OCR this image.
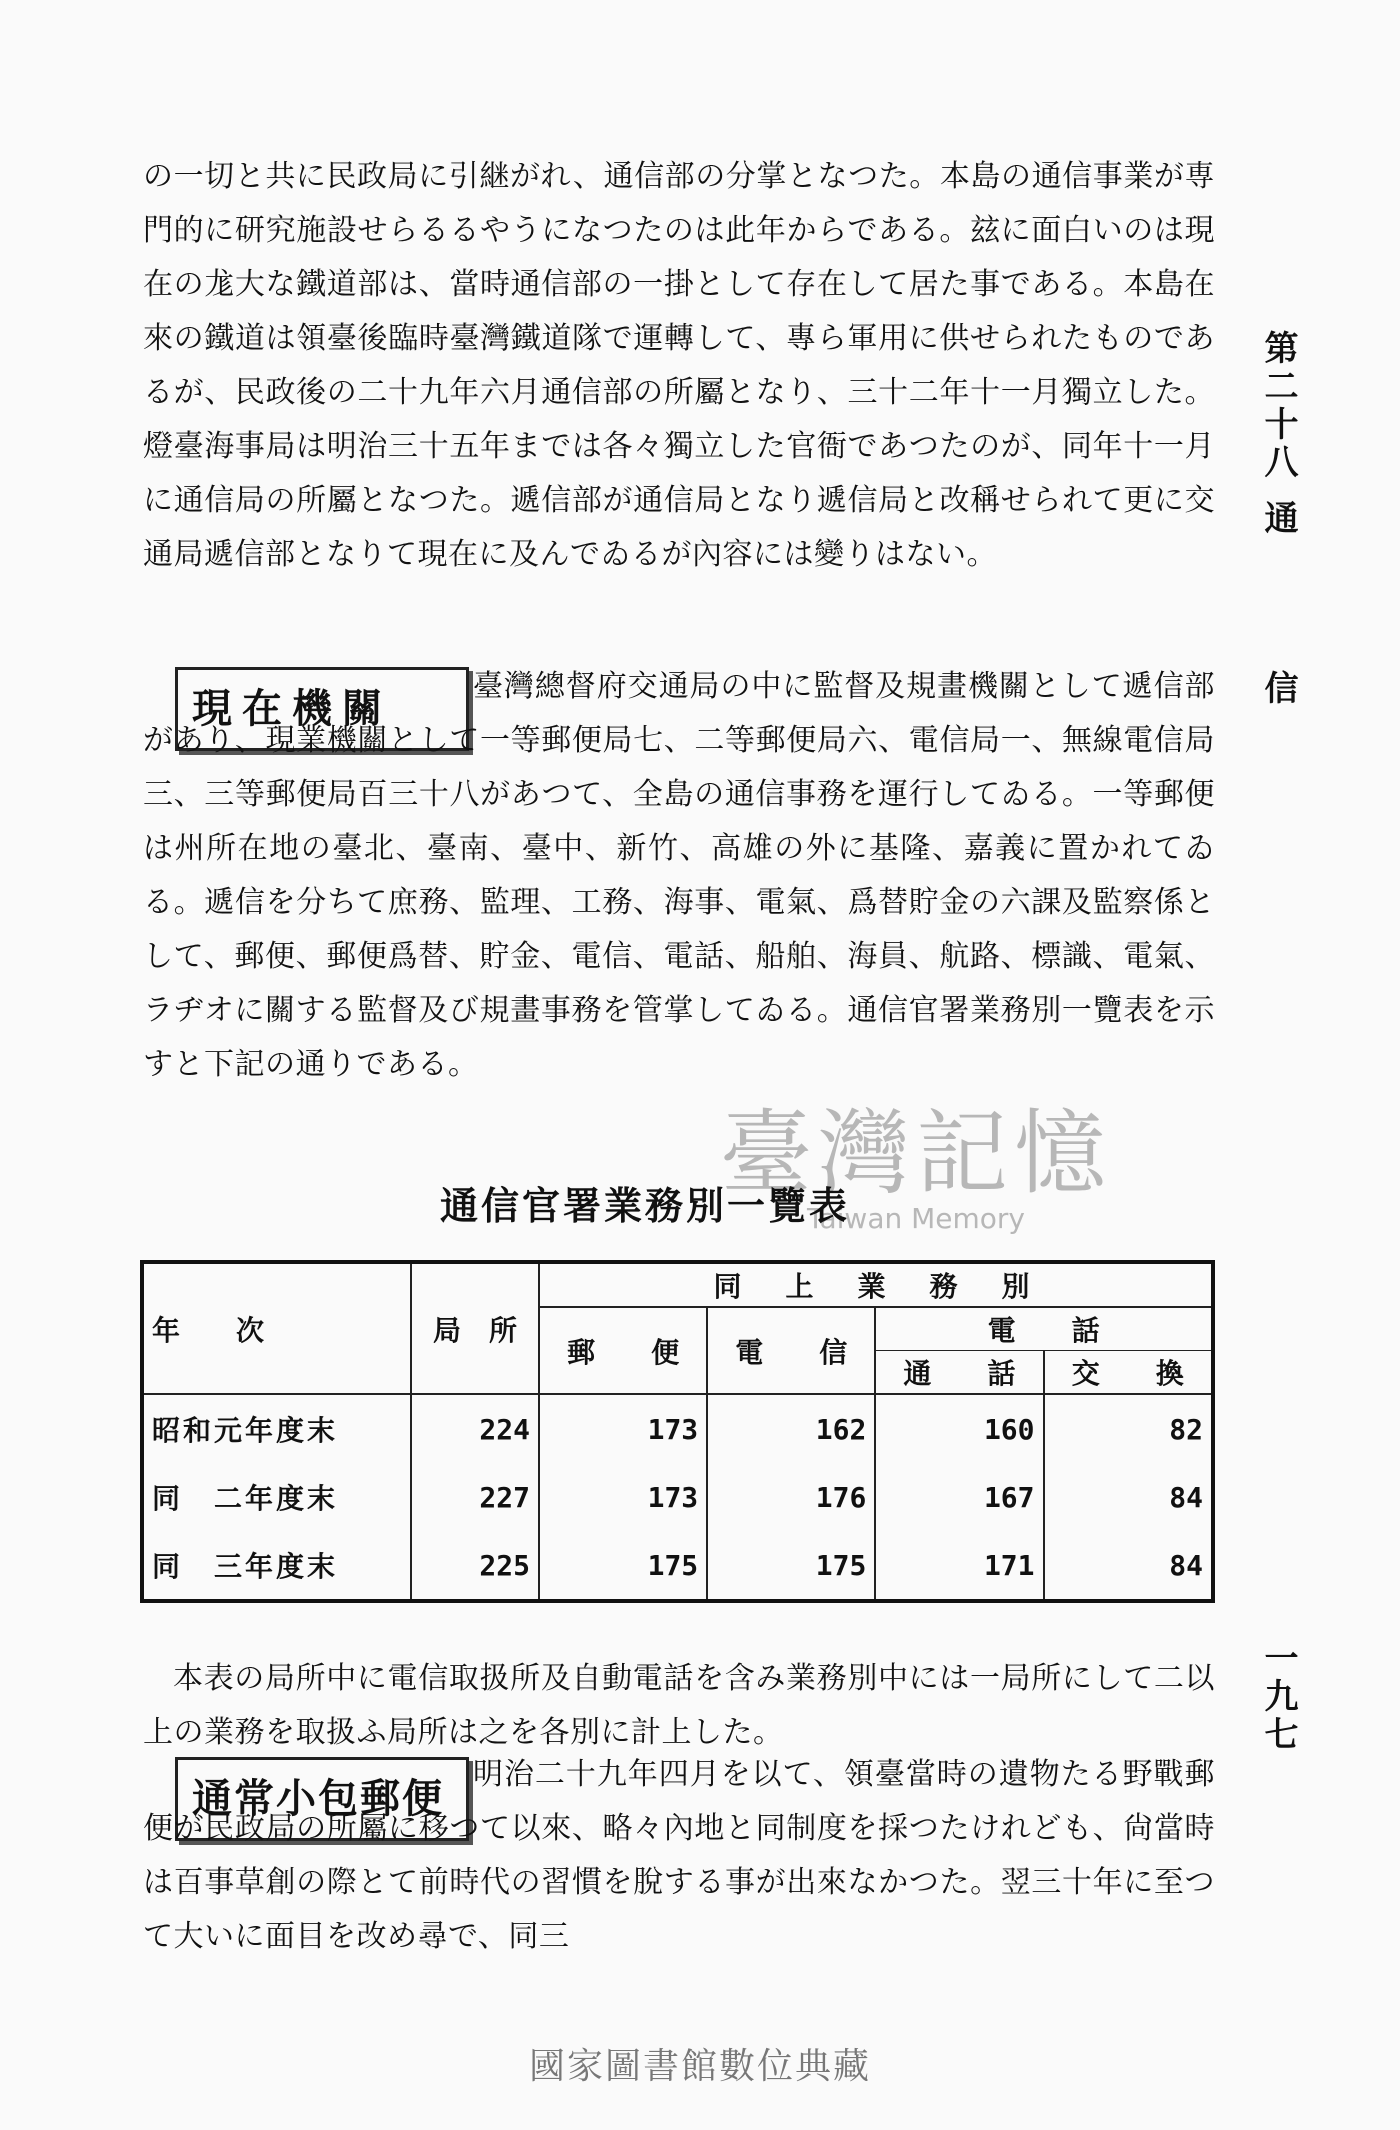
第二十八
通
信
一九七

の一切と共に民政局に引継がれ、通信部の分掌となつた。本島の通信事業が専門的に研究施設せらるるやうになつたのは此年からである。玆に面白いのは現在の尨大な鐵道部は、當時通信部の一掛として存在して居た事である。本島在來の鐵道は領臺後臨時臺灣鐵道隊で運轉して、專ら軍用に供せられたものであるが、民政後の二十九年六月通信部の所屬となり、三十二年十一月獨立した。燈臺海事局は明治三十五年までは各々獨立した官衙であつたのが、同年十一月に通信局の所屬となつた。遞信部が通信局となり遞信局と改稱せられて更に交通局遞信部となりて現在に及んでゐるが內容には變りはない。

現在機關	臺灣總督府交通局の中に監督及規畫機關として遞信部があり、現業機關として一等郵便局七、二等郵便局六、電信局一、無線電信局三、三等郵便局百三十八があつて、全島の通信事務を運行してゐる。一等郵便は州所在地の臺北、臺南、臺中、新竹、高雄の外に基隆、嘉義に置かれてゐる。遞信を分ちて庶務、監理、工務、海事、電氣、爲替貯金の六課及監察係として、郵便、郵便爲替、貯金、電信、電話、船舶、海員、航路、標識、電氣、ラヂオに關する監督及び規畫事務を管掌してゐる。通信官署業務別一覽表を示すと下記の通りである。

臺灣記憶
Taiwan Memory
通信官署業務別一覽表
年　　次	局　所	同　上　業　務　別			
		郵　　便	電　　信	電　　話	
				通　　話	交　　換
昭和元年度末	224	173	162	160	82
同　二年度末	227	173	176	167	84
同　三年度末	225	175	175	171	84

本表の局所中に電信取扱所及自動電話を含み業務別中には一局所にして二以上の業務を取扱ふ局所は之を各別に計上した。

通常小包郵便

明治二十九年四月を以て、領臺當時の遺物たる野戰郵便が民政局の所屬に移つて以來、略々內地と同制度を採つたけれども、尙當時は百事草創の際とて前時代の習慣を脫する事が出來なかつた。翌三十年に至つて大いに面目を改め尋で、同三

國家圖書館數位典藏
